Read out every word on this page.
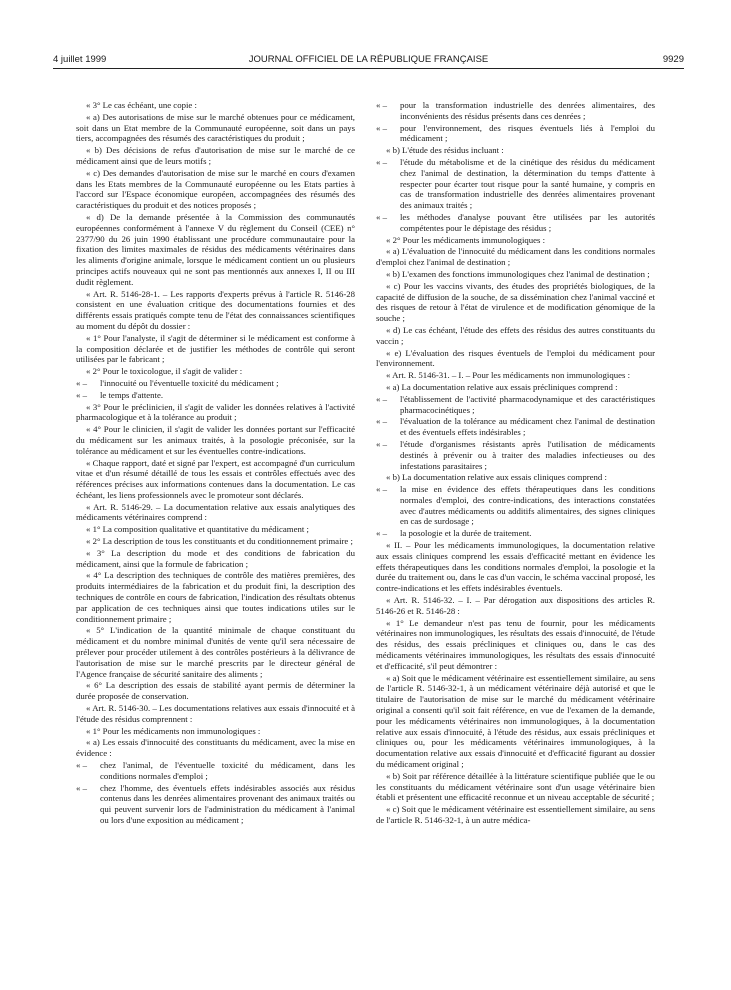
4 juillet 1999	JOURNAL OFFICIEL DE LA RÉPUBLIQUE FRANÇAISE	9929

« 3° Le cas échéant, une copie :

« a) Des autorisations de mise sur le marché obtenues pour ce médicament, soit dans un Etat membre de la Communauté européenne, soit dans un pays tiers, accompagnées des résumés des caractéristiques du produit ;

« b) Des décisions de refus d'autorisation de mise sur le marché de ce médicament ainsi que de leurs motifs ;

« c) Des demandes d'autorisation de mise sur le marché en cours d'examen dans les Etats membres de la Communauté européenne ou les Etats parties à l'accord sur l'Espace économique européen, accompagnées des résumés des caractéristiques du produit et des notices proposés ;

« d) De la demande présentée à la Commission des communautés européennes conformément à l'annexe V du règlement du Conseil (CEE) n° 2377/90 du 26 juin 1990 établissant une procédure communautaire pour la fixation des limites maximales de résidus des médicaments vétérinaires dans les aliments d'origine animale, lorsque le médicament contient un ou plusieurs principes actifs nouveaux qui ne sont pas mentionnés aux annexes I, II ou III dudit règlement.

« Art. R. 5146-28-1. – Les rapports d'experts prévus à l'article R. 5146-28 consistent en une évaluation critique des documentations fournies et des différents essais pratiqués compte tenu de l'état des connaissances scientifiques au moment du dépôt du dossier :

« 1° Pour l'analyste, il s'agit de déterminer si le médicament est conforme à la composition déclarée et de justifier les méthodes de contrôle qui seront utilisées par le fabricant ;

« 2° Pour le toxicologue, il s'agit de valider :

« – l'innocuité ou l'éventuelle toxicité du médicament ;

« – le temps d'attente.

« 3° Pour le préclinicien, il s'agit de valider les données relatives à l'activité pharmacologique et à la tolérance au produit ;

« 4° Pour le clinicien, il s'agit de valider les données portant sur l'efficacité du médicament sur les animaux traités, à la posologie préconisée, sur la tolérance au médicament et sur les éventuelles contre-indications.

« Chaque rapport, daté et signé par l'expert, est accompagné d'un curriculum vitae et d'un résumé détaillé de tous les essais et contrôles effectués avec des références précises aux informations contenues dans la documentation. Le cas échéant, les liens professionnels avec le promoteur sont déclarés.

« Art. R. 5146-29. – La documentation relative aux essais analytiques des médicaments vétérinaires comprend :

« 1° La composition qualitative et quantitative du médicament ;

« 2° La description de tous les constituants et du conditionnement primaire ;

« 3° La description du mode et des conditions de fabrication du médicament, ainsi que la formule de fabrication ;

« 4° La description des techniques de contrôle des matières premières, des produits intermédiaires de la fabrication et du produit fini, la description des techniques de contrôle en cours de fabrication, l'indication des résultats obtenus par application de ces techniques ainsi que toutes indications utiles sur le conditionnement primaire ;

« 5° L'indication de la quantité minimale de chaque constituant du médicament et du nombre minimal d'unités de vente qu'il sera nécessaire de prélever pour procéder utilement à des contrôles postérieurs à la délivrance de l'autorisation de mise sur le marché prescrits par le directeur général de l'Agence française de sécurité sanitaire des aliments ;

« 6° La description des essais de stabilité ayant permis de déterminer la durée proposée de conservation.

« Art. R. 5146-30. – Les documentations relatives aux essais d'innocuité et à l'étude des résidus comprennent :

« 1° Pour les médicaments non immunologiques :

« a) Les essais d'innocuité des constituants du médicament, avec la mise en évidence :

« – chez l'animal, de l'éventuelle toxicité du médicament, dans les conditions normales d'emploi ;

« – chez l'homme, des éventuels effets indésirables associés aux résidus contenus dans les denrées alimentaires provenant des animaux traités ou qui peuvent survenir lors de l'administration du médicament à l'animal ou lors d'une exposition au médicament ;

« – pour la transformation industrielle des denrées alimentaires, des inconvénients des résidus présents dans ces denrées ;

« – pour l'environnement, des risques éventuels liés à l'emploi du médicament ;

« b) L'étude des résidus incluant :

« – l'étude du métabolisme et de la cinétique des résidus du médicament chez l'animal de destination, la détermination du temps d'attente à respecter pour écarter tout risque pour la santé humaine, y compris en cas de transformation industrielle des denrées alimentaires provenant des animaux traités ;

« – les méthodes d'analyse pouvant être utilisées par les autorités compétentes pour le dépistage des résidus ;

« 2° Pour les médicaments immunologiques :

« a) L'évaluation de l'innocuité du médicament dans les conditions normales d'emploi chez l'animal de destination ;

« b) L'examen des fonctions immunologiques chez l'animal de destination ;

« c) Pour les vaccins vivants, des études des propriétés biologiques, de la capacité de diffusion de la souche, de sa dissémination chez l'animal vacciné et des risques de retour à l'état de virulence et de modification génomique de la souche ;

« d) Le cas échéant, l'étude des effets des résidus des autres constituants du vaccin ;

« e) L'évaluation des risques éventuels de l'emploi du médicament pour l'environnement.

« Art. R. 5146-31. – I. – Pour les médicaments non immunologiques :

« a) La documentation relative aux essais précliniques comprend :

« – l'établissement de l'activité pharmacodynamique et des caractéristiques pharmacocinétiques ;

« – l'évaluation de la tolérance au médicament chez l'animal de destination et des éventuels effets indésirables ;

« – l'étude d'organismes résistants après l'utilisation de médicaments destinés à prévenir ou à traiter des maladies infectieuses ou des infestations parasitaires ;

« b) La documentation relative aux essais cliniques comprend :

« – la mise en évidence des effets thérapeutiques dans les conditions normales d'emploi, des contre-indications, des interactions constatées avec d'autres médicaments ou additifs alimentaires, des signes cliniques en cas de surdosage ;

« – la posologie et la durée de traitement.

« II. – Pour les médicaments immunologiques, la documentation relative aux essais cliniques comprend les essais d'efficacité mettant en évidence les effets thérapeutiques dans les conditions normales d'emploi, la posologie et la durée du traitement ou, dans le cas d'un vaccin, le schéma vaccinal proposé, les contre-indications et les effets indésirables éventuels.

« Art. R. 5146-32. – I. – Par dérogation aux dispositions des articles R. 5146-26 et R. 5146-28 :

« 1° Le demandeur n'est pas tenu de fournir, pour les médicaments vétérinaires non immunologiques, les résultats des essais d'innocuité, de l'étude des résidus, des essais précliniques et cliniques ou, dans le cas des médicaments vétérinaires immunologiques, les résultats des essais d'innocuité et d'efficacité, s'il peut démontrer :

« a) Soit que le médicament vétérinaire est essentiellement similaire, au sens de l'article R. 5146-32-1, à un médicament vétérinaire déjà autorisé et que le titulaire de l'autorisation de mise sur le marché du médicament vétérinaire original a consenti qu'il soit fait référence, en vue de l'examen de la demande, pour les médicaments vétérinaires non immunologiques, à la documentation relative aux essais d'innocuité, à l'étude des résidus, aux essais précliniques et cliniques ou, pour les médicaments vétérinaires immunologiques, à la documentation relative aux essais d'innocuité et d'efficacité figurant au dossier du médicament original ;

« b) Soit par référence détaillée à la littérature scientifique publiée que le ou les constituants du médicament vétérinaire sont d'un usage vétérinaire bien établi et présentent une efficacité reconnue et un niveau acceptable de sécurité ;

« c) Soit que le médicament vétérinaire est essentiellement similaire, au sens de l'article R. 5146-32-1, à un autre médica-
